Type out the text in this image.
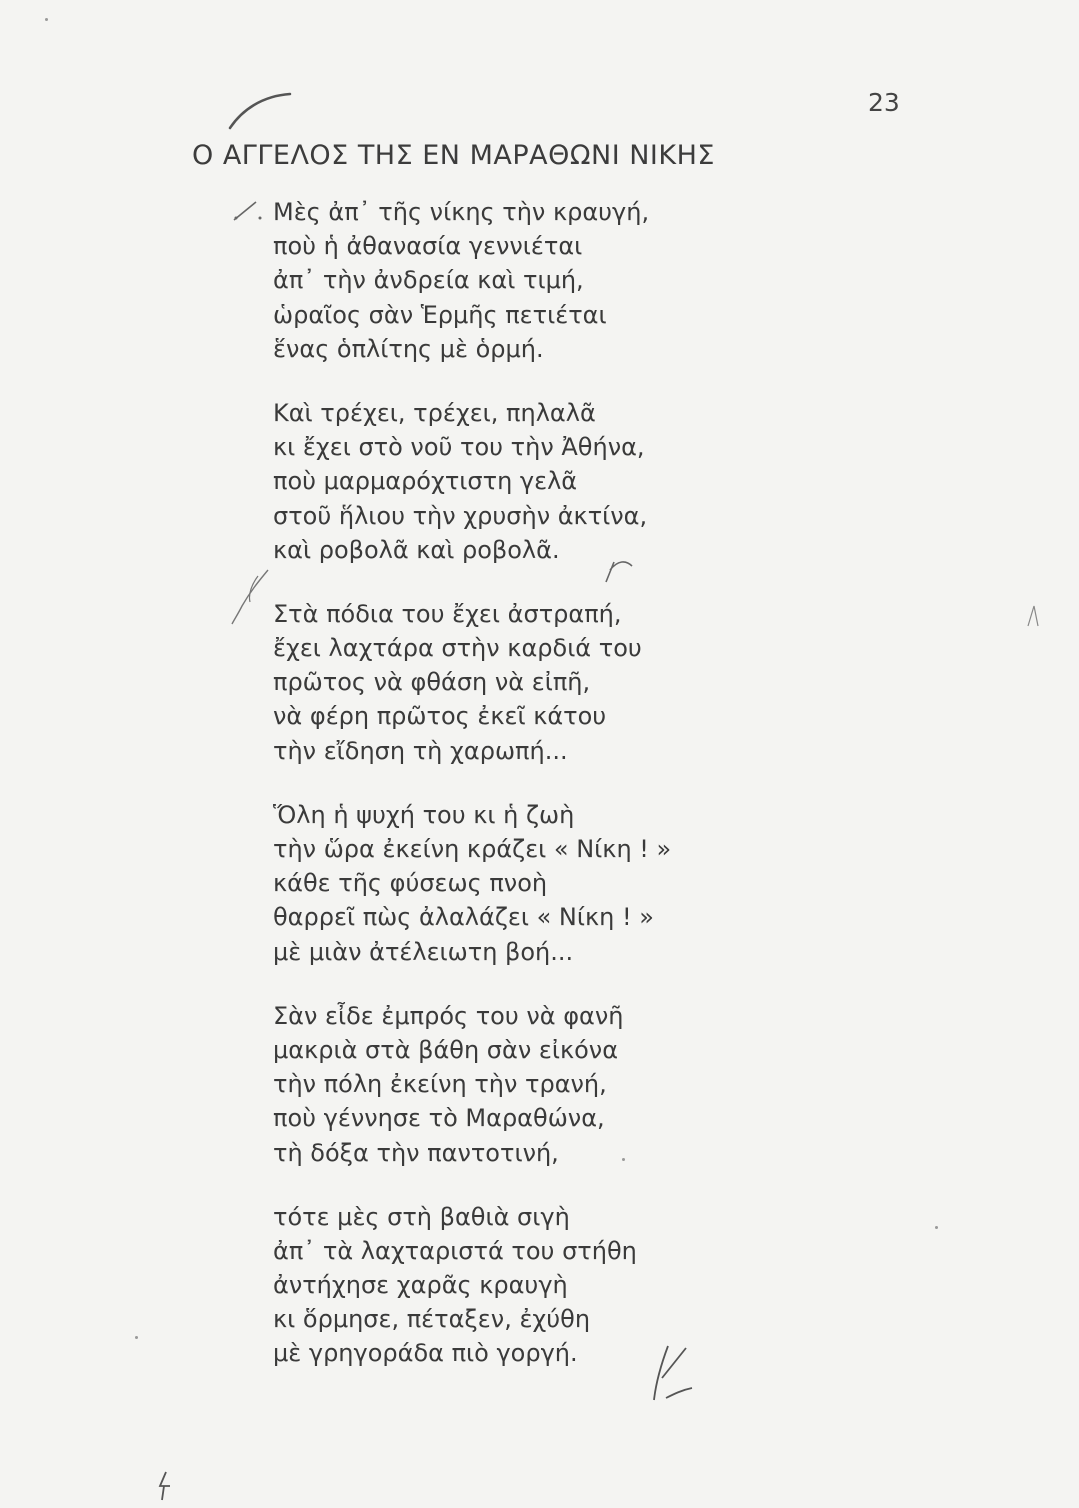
23
Ο ΑΓΓΕΛΟΣ ΤΗΣ ΕΝ ΜΑΡΑΘΩΝΙ ΝΙΚΗΣ
Μὲς ἀπ᾽ τῆς νίκης τὴν κραυγή,
ποὺ ἡ ἀθανασία γεννιέται
ἀπ᾽ τὴν ἀνδρεία καὶ τιμή,
ὡραῖος σὰν Ἑρμῆς πετιέται
ἕνας ὁπλίτης μὲ ὁρμή.
Καὶ τρέχει, τρέχει, πηλαλᾶ
κι ἔχει στὸ νοῦ του τὴν Ἀθήνα,
ποὺ μαρμαρόχτιστη γελᾶ
στοῦ ἥλιου τὴν χρυσὴν ἀκτίνα,
καὶ ροβολᾶ καὶ ροβολᾶ.
Στὰ πόδια του ἔχει ἀστραπή,
ἔχει λαχτάρα στὴν καρδιά του
πρῶτος νὰ φθάση νὰ εἰπῆ,
νὰ φέρη πρῶτος ἐκεῖ κάτου
τὴν εἴδηση τὴ χαρωπή...
Ὅλη ἡ ψυχή του κι ἡ ζωὴ
τὴν ὥρα ἐκείνη κράζει « Νίκη ! »
κάθε τῆς φύσεως πνοὴ
θαρρεῖ πὼς ἀλαλάζει « Νίκη ! »
μὲ μιὰν ἀτέλειωτη βοή...
Σὰν εἶδε ἐμπρός του νὰ φανῆ
μακριὰ στὰ βάθη σὰν εἰκόνα
τὴν πόλη ἐκείνη τὴν τρανή,
ποὺ γέννησε τὸ Μαραθώνα,
τὴ δόξα τὴν παντοτινή,
τότε μὲς στὴ βαθιὰ σιγὴ
ἀπ᾽ τὰ λαχταριστά του στήθη
ἀντήχησε χαρᾶς κραυγὴ
κι ὅρμησε, πέταξεν, ἐχύθη
μὲ γρηγοράδα πιὸ γοργή.
